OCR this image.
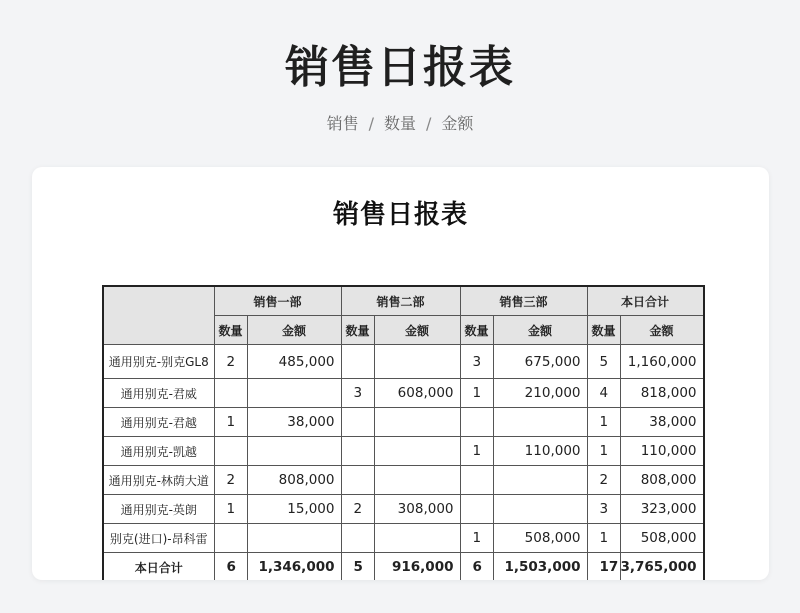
销售日报表
销售 / 数量 / 金额
销售日报表
	销售一部		销售二部		销售三部		本日合计	
	数量	金额	数量	金额	数量	金额	数量	金额
通用别克-别克GL8	2	485,000			3	675,000	5	1,160,000
通用别克-君威			3	608,000	1	210,000	4	818,000
通用别克-君越	1	38,000					1	38,000
通用别克-凯越					1	110,000	1	110,000
通用别克-林荫大道	2	808,000					2	808,000
通用别克-英朗	1	15,000	2	308,000			3	323,000
别克(进口)-昂科雷					1	508,000	1	508,000
本日合计	6	1,346,000	5	916,000	6	1,503,000	17	3,765,000
